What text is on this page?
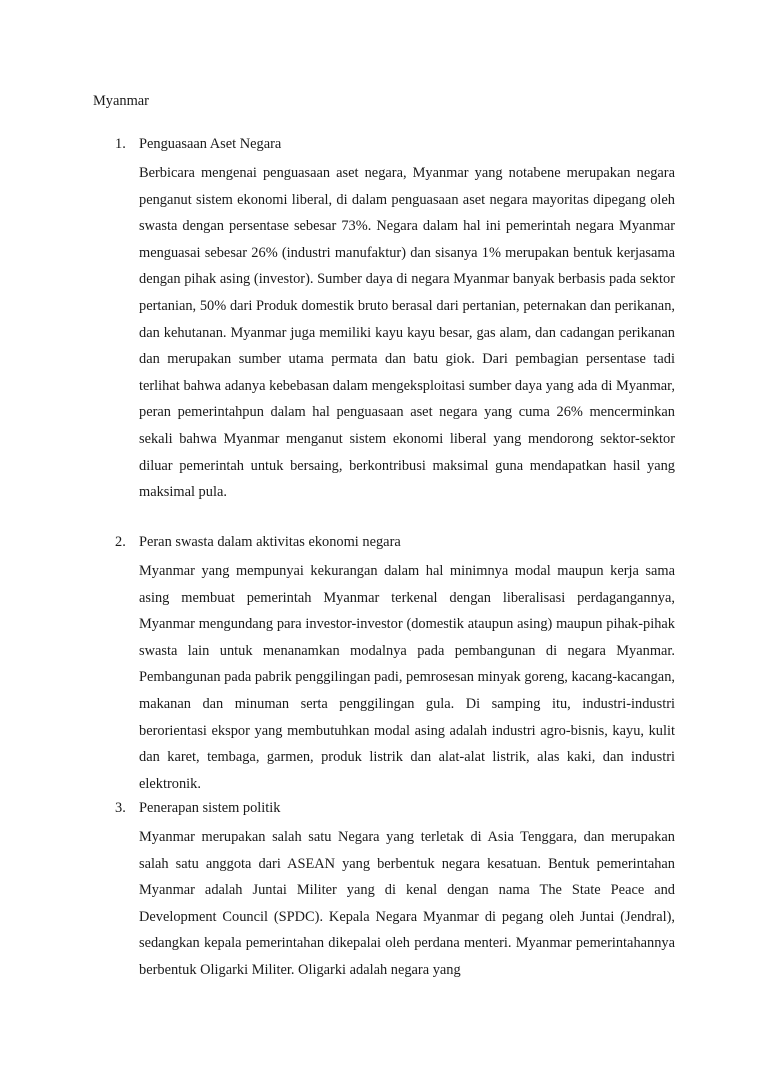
Myanmar
1. Penguasaan Aset Negara

Berbicara mengenai penguasaan aset negara, Myanmar yang notabene merupakan negara penganut sistem ekonomi liberal, di dalam penguasaan aset negara mayoritas dipegang oleh swasta dengan persentase sebesar 73%. Negara dalam hal ini pemerintah negara Myanmar menguasai sebesar 26% (industri manufaktur) dan sisanya 1% merupakan bentuk kerjasama dengan pihak asing (investor). Sumber daya di negara Myanmar banyak berbasis pada sektor pertanian, 50% dari Produk domestik bruto berasal dari pertanian, peternakan dan perikanan, dan kehutanan. Myanmar juga memiliki kayu kayu besar, gas alam, dan cadangan perikanan dan merupakan sumber utama permata dan batu giok. Dari pembagian persentase tadi terlihat bahwa adanya kebebasan dalam mengeksploitasi sumber daya yang ada di Myanmar, peran pemerintahpun dalam hal penguasaan aset negara yang cuma 26% mencerminkan sekali bahwa Myanmar menganut sistem ekonomi liberal yang mendorong sektor-sektor diluar pemerintah untuk bersaing, berkontribusi maksimal guna mendapatkan hasil yang maksimal pula.

2. Peran swasta dalam aktivitas ekonomi negara

Myanmar yang mempunyai kekurangan dalam hal minimnya modal maupun kerja sama asing membuat pemerintah Myanmar terkenal dengan liberalisasi perdagangannya, Myanmar mengundang para investor-investor (domestik ataupun asing) maupun pihak-pihak swasta lain untuk menanamkan modalnya pada pembangunan di negara Myanmar. Pembangunan pada pabrik penggilingan padi, pemrosesan minyak goreng, kacang-kacangan, makanan dan minuman serta penggilingan gula. Di samping itu, industri-industri berorientasi ekspor yang membutuhkan modal asing adalah industri agro-bisnis, kayu, kulit dan karet, tembaga, garmen, produk listrik dan alat-alat listrik, alas kaki, dan industri elektronik.

3. Penerapan sistem politik

Myanmar merupakan salah satu Negara yang terletak di Asia Tenggara, dan merupakan salah satu anggota dari ASEAN yang berbentuk negara kesatuan. Bentuk pemerintahan Myanmar adalah Juntai Militer yang di kenal dengan nama The State Peace and Development Council (SPDC). Kepala Negara Myanmar di pegang oleh Juntai (Jendral), sedangkan kepala pemerintahan dikepalai oleh perdana menteri. Myanmar pemerintahannya berbentuk Oligarki Militer. Oligarki adalah negara yang
